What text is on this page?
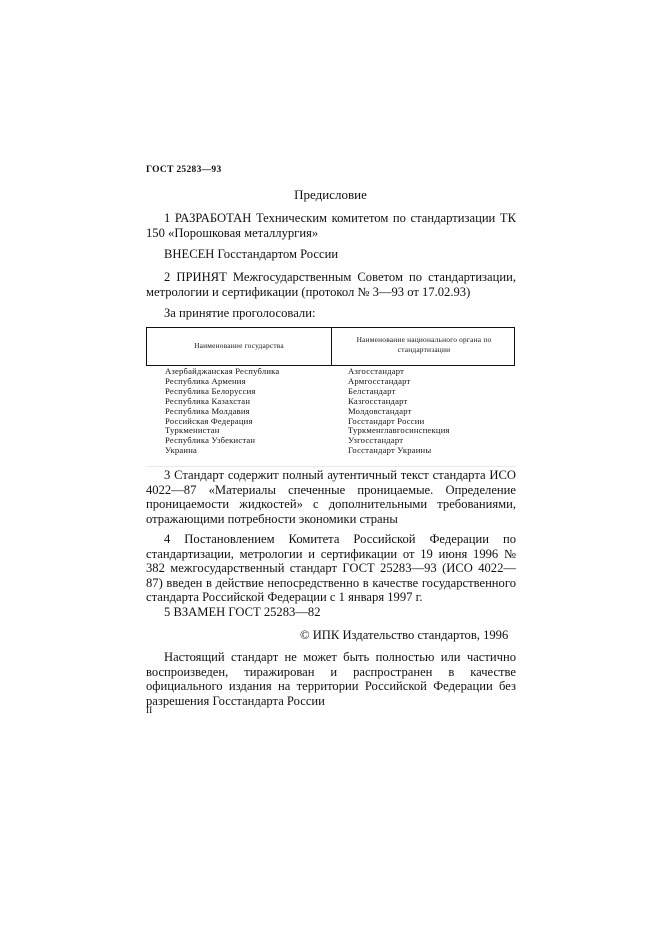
ГОСТ 25283—93
Предисловие
1 РАЗРАБОТАН Техническим комитетом по стандартизации ТК 150 «Порошковая металлургия»
ВНЕСЕН Госстандартом России
2 ПРИНЯТ Межгосударственным Советом по стандартизации, метрологии и сертификации (протокол № 3—93 от 17.02.93)
За принятие проголосовали:
Наименование государства
Наименование национального органа по стандартизации
Азербайджанская Республика
Республика Армения
Республика Белоруссия
Республика Казахстан
Республика Молдавия
Российская Федерация
Туркменистан
Республика Узбекистан
Украина
Азгосстандарт
Армгосстандарт
Белстандарт
Казгосстандарт
Молдовстандарт
Госстандарт России
Туркменглавгосинспекция
Узгосстандарт
Госстандарт Украины
3 Стандарт содержит полный аутентичный текст стандарта ИСО 4022—87 «Материалы спеченные проницаемые. Определение проницаемости жидкостей» с дополнительными требованиями, отражающими потребности экономики страны
4 Постановлением Комитета Российской Федерации по стандартизации, метрологии и сертификации от 19 июня 1996 № 382 межгосударственный стандарт ГОСТ 25283—93 (ИСО 4022—87) введен в действие непосредственно в качестве государственного стандарта Российской Федерации с 1 января 1997 г.
5 ВЗАМЕН ГОСТ 25283—82
© ИПК Издательство стандартов, 1996
Настоящий стандарт не может быть полностью или частично воспроизведен, тиражирован и распространен в качестве официального издания на территории Российской Федерации без разрешения Госстандарта России
II
